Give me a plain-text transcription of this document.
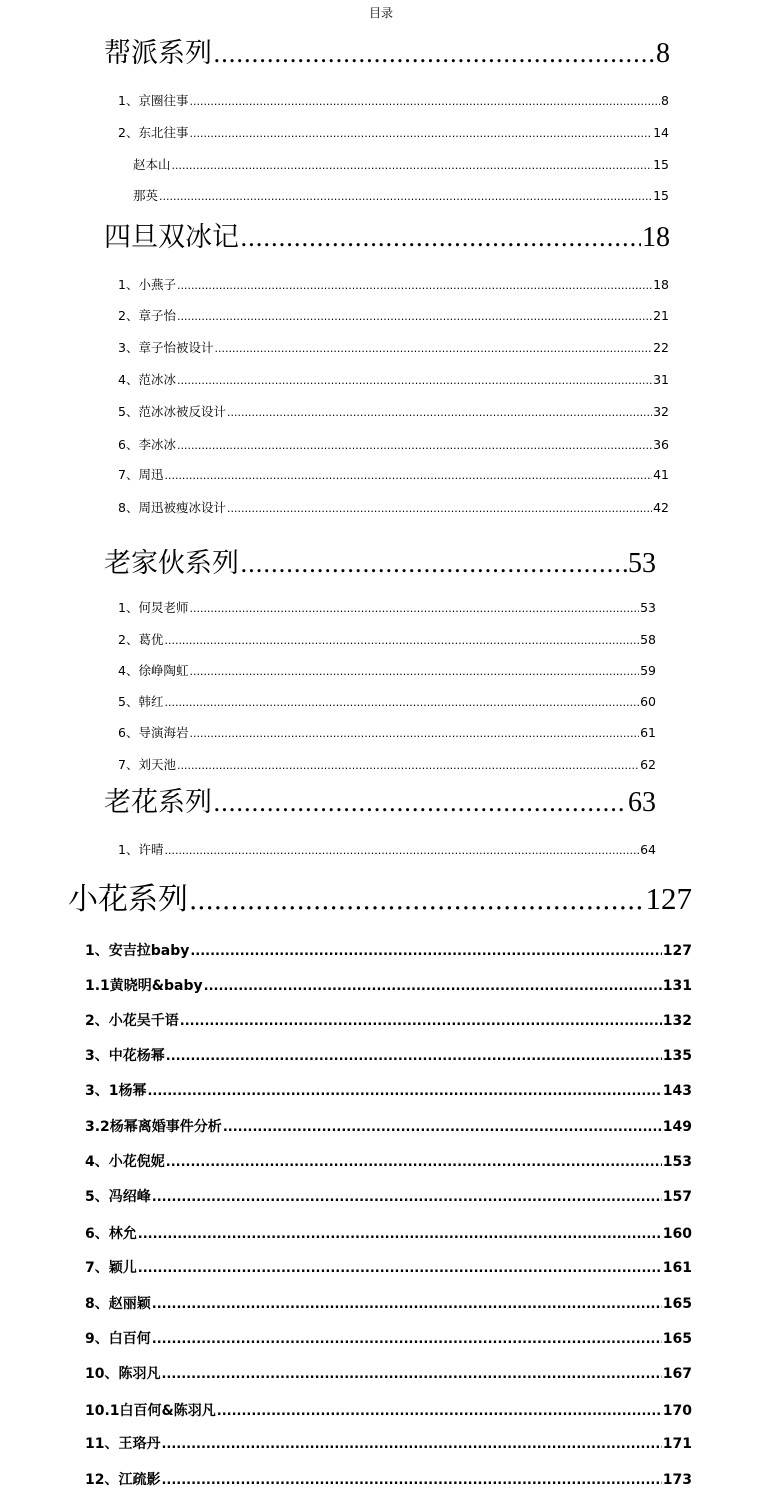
目录
帮派系列 .....	8
1、京圈往事 .....	8
2、东北往事 .....	14
赵本山 .....	15
那英 .....	15
四旦双冰记 .....	18
1、小燕子 .....	18
2、章子怡 .....	21
3、章子怡被设计 .....	22
4、范冰冰 .....	31
5、范冰冰被反设计 .....	32
6、李冰冰 .....	36
7、周迅 .....	41
8、周迅被瘦冰设计 .....	42
老家伙系列 .....	53
1、何炅老师 .....	53
2、葛优 .....	58
4、徐峥陶虹 .....	59
5、韩红 .....	60
6、导演海岩 .....	61
7、刘天池 .....	62
老花系列 .....	63
1、许晴 .....	64
小花系列 .....	127
1、安吉拉baby .....	127
1.1黄晓明&baby .....	131
2、小花吴千语 .....	132
3、中花杨幂 .....	135
3、1杨幂 .....	143
3.2杨幂离婚事件分析 .....	149
4、小花倪妮 .....	153
5、冯绍峰 .....	157
6、林允 .....	160
7、颖儿 .....	161
8、赵丽颖 .....	165
9、白百何 .....	165
10、陈羽凡 .....	167
10.1白百何&陈羽凡 .....	170
11、王珞丹 .....	171
12、江疏影 .....	173
